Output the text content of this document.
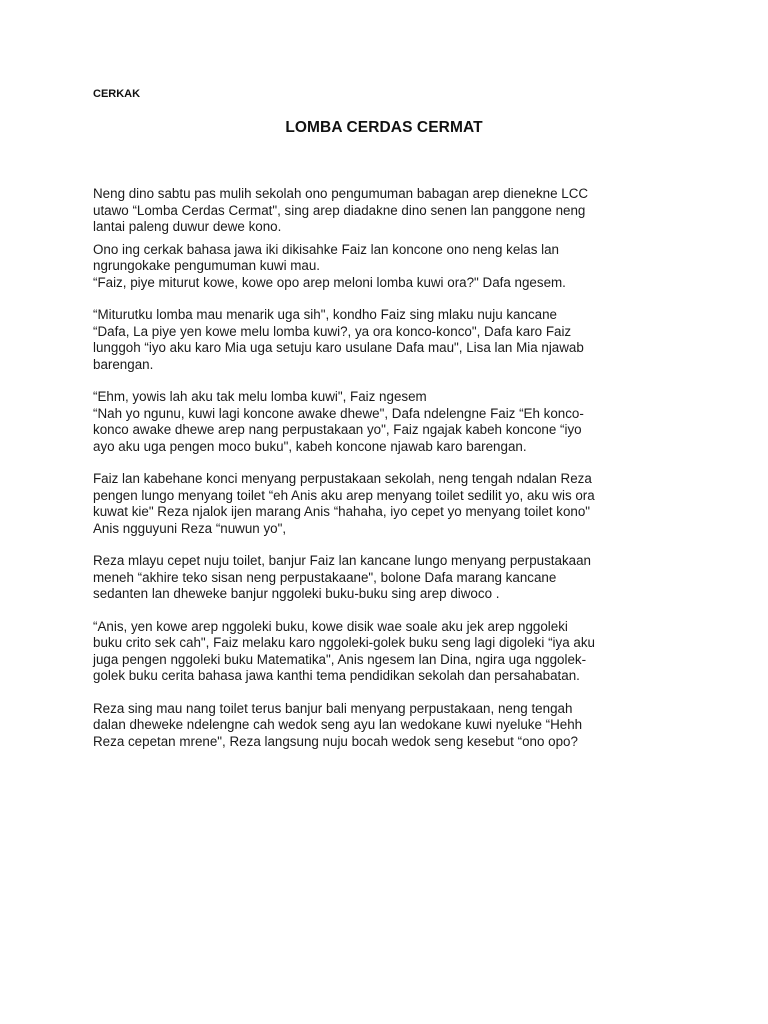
CERKAK

LOMBA CERDAS CERMAT

Neng dino sabtu pas mulih sekolah ono pengumuman babagan arep dienekne LCC
utawo “Lomba Cerdas Cermat", sing arep diadakne dino senen lan panggone neng
lantai paleng duwur dewe kono.

Ono ing cerkak bahasa jawa iki dikisahke Faiz lan koncone ono neng kelas lan
ngrungokake pengumuman kuwi mau.
“Faiz, piye miturut kowe, kowe opo arep meloni lomba kuwi ora?" Dafa ngesem.

“Miturutku lomba mau menarik uga sih", kondho Faiz sing mlaku nuju kancane
“Dafa, La piye yen kowe melu lomba kuwi?, ya ora konco-konco", Dafa karo Faiz
lunggoh “iyo aku karo Mia uga setuju karo usulane Dafa mau", Lisa lan Mia njawab
barengan.

“Ehm, yowis lah aku tak melu lomba kuwi", Faiz ngesem
“Nah yo ngunu, kuwi lagi koncone awake dhewe", Dafa ndelengne Faiz “Eh konco-
konco awake dhewe arep nang perpustakaan yo", Faiz ngajak kabeh koncone “iyo
ayo aku uga pengen moco buku", kabeh koncone njawab karo barengan.

Faiz lan kabehane konci menyang perpustakaan sekolah, neng tengah ndalan Reza
pengen lungo menyang toilet “eh Anis aku arep menyang toilet sedilit yo, aku wis ora
kuwat kie" Reza njalok ijen marang Anis “hahaha, iyo cepet yo menyang toilet kono"
Anis ngguyuni Reza “nuwun yo",

Reza mlayu cepet nuju toilet, banjur Faiz lan kancane lungo menyang perpustakaan
meneh “akhire teko sisan neng perpustakaane", bolone Dafa marang kancane
sedanten lan dheweke banjur nggoleki buku-buku sing arep diwoco .

“Anis, yen kowe arep nggoleki buku, kowe disik wae soale aku jek arep nggoleki
buku crito sek cah", Faiz melaku karo nggoleki-golek buku seng lagi digoleki “iya aku
juga pengen nggoleki buku Matematika", Anis ngesem lan Dina, ngira uga nggolek-
golek buku cerita bahasa jawa kanthi tema pendidikan sekolah dan persahabatan.

Reza sing mau nang toilet terus banjur bali menyang perpustakaan, neng tengah
dalan dheweke ndelengne cah wedok seng ayu lan wedokane kuwi nyeluke “Hehh
Reza cepetan mrene", Reza langsung nuju bocah wedok seng kesebut “ono opo?
